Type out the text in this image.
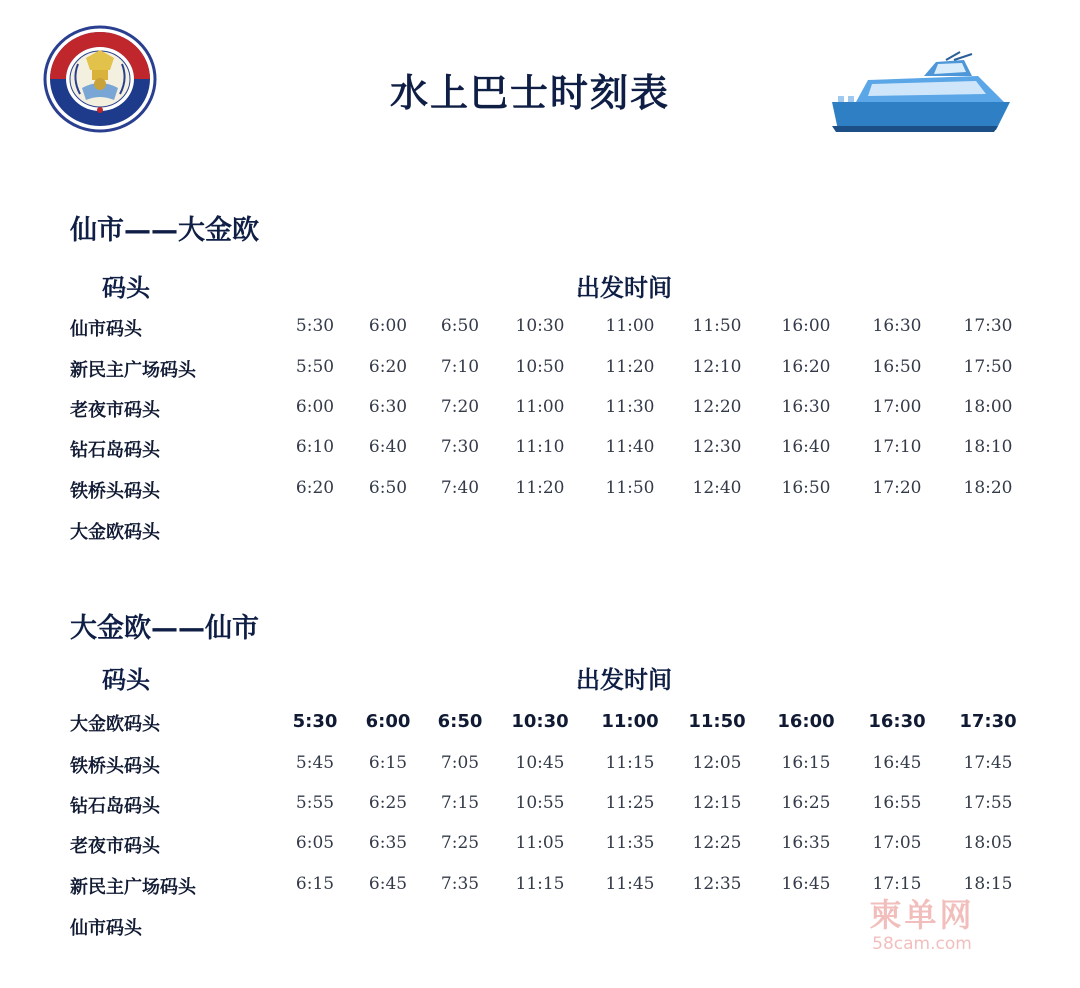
水上巴士时刻表
仙市——大金欧
码头	出发时间
仙市码头	5:30	6:00	6:50	10:30	11:00	11:50	16:00	16:30	17:30
新民主广场码头	5:50	6:20	7:10	10:50	11:20	12:10	16:20	16:50	17:50
老夜市码头	6:00	6:30	7:20	11:00	11:30	12:20	16:30	17:00	18:00
钻石岛码头	6:10	6:40	7:30	11:10	11:40	12:30	16:40	17:10	18:10
铁桥头码头	6:20	6:50	7:40	11:20	11:50	12:40	16:50	17:20	18:20
大金欧码头
大金欧——仙市
码头	出发时间
大金欧码头	5:30	6:00	6:50	10:30	11:00	11:50	16:00	16:30	17:30
铁桥头码头	5:45	6:15	7:05	10:45	11:15	12:05	16:15	16:45	17:45
钻石岛码头	5:55	6:25	7:15	10:55	11:25	12:15	16:25	16:55	17:55
老夜市码头	6:05	6:35	7:25	11:05	11:35	12:25	16:35	17:05	18:05
新民主广场码头	6:15	6:45	7:35	11:15	11:45	12:35	16:45	17:15	18:15
仙市码头	柬单网
58cam.com
